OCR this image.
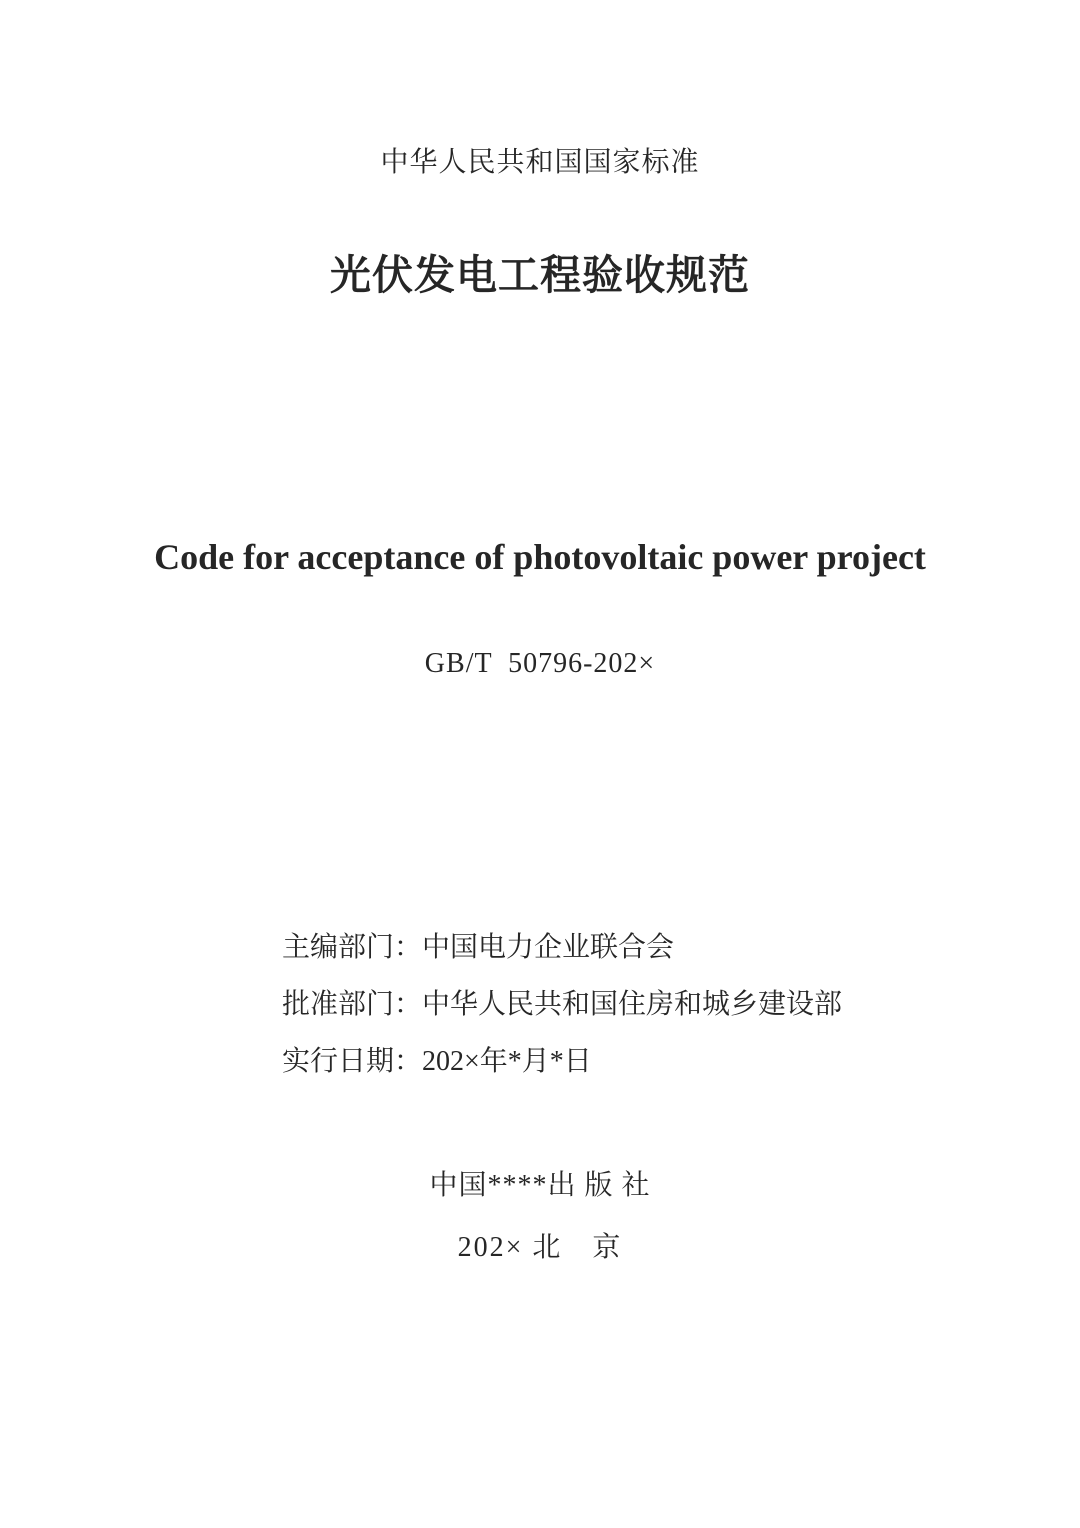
中华人民共和国国家标准
光伏发电工程验收规范
Code for acceptance of photovoltaic power project
GB/T  50796-202×
主编部门：中国电力企业联合会
批准部门：中华人民共和国住房和城乡建设部
实行日期：202×年*月*日
中国****出 版 社
202× 北　京
